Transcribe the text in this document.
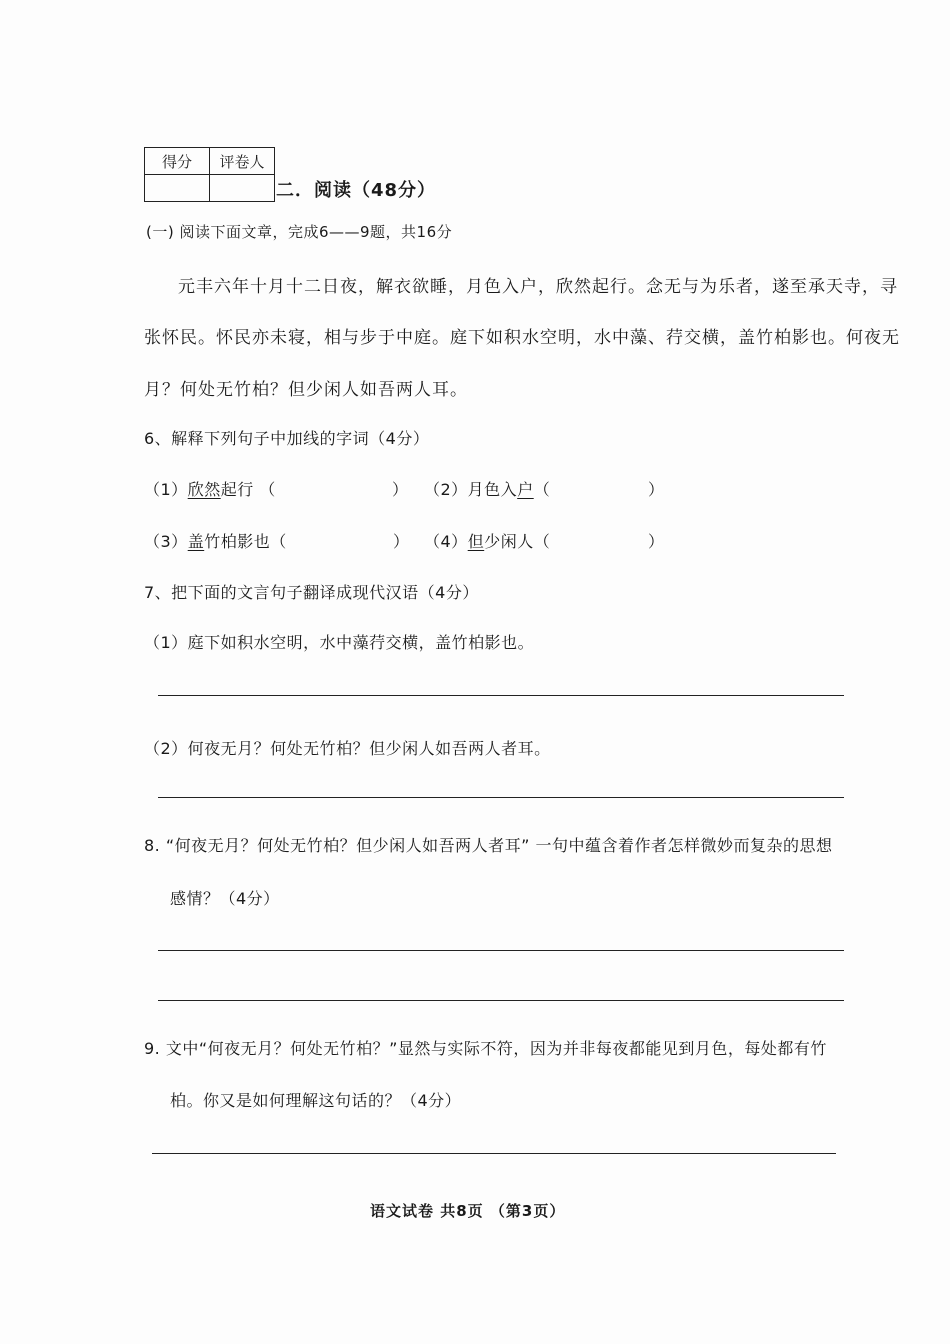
得分	评卷人

二．阅读（48分）
(一) 阅读下面文章，完成6——9题，共16分
元丰六年十月十二日夜，解衣欲睡，月色入户，欣然起行。念无与为乐者，遂至承天寺，寻
张怀民。怀民亦未寝，相与步于中庭。庭下如积水空明，水中藻、荇交横，盖竹柏影也。何夜无
月？何处无竹柏？但少闲人如吾两人耳。
6、解释下列句子中加线的字词（4分）
（1）欣然起行 （	） （2）月色入户（	）
（3）盖竹柏影也（	） （4）但少闲人（	）
7、把下面的文言句子翻译成现代汉语（4分）
（1）庭下如积水空明，水中藻荇交横，盖竹柏影也。
（2）何夜无月？何处无竹柏？但少闲人如吾两人者耳。
8. “何夜无月？何处无竹柏？但少闲人如吾两人者耳” 一句中蕴含着作者怎样微妙而复杂的思想
感情？（4分）
9. 文中“何夜无月？何处无竹柏？”显然与实际不符，因为并非每夜都能见到月色，每处都有竹
柏。你又是如何理解这句话的？（4分）
语文试卷 共8页 （第3页）
